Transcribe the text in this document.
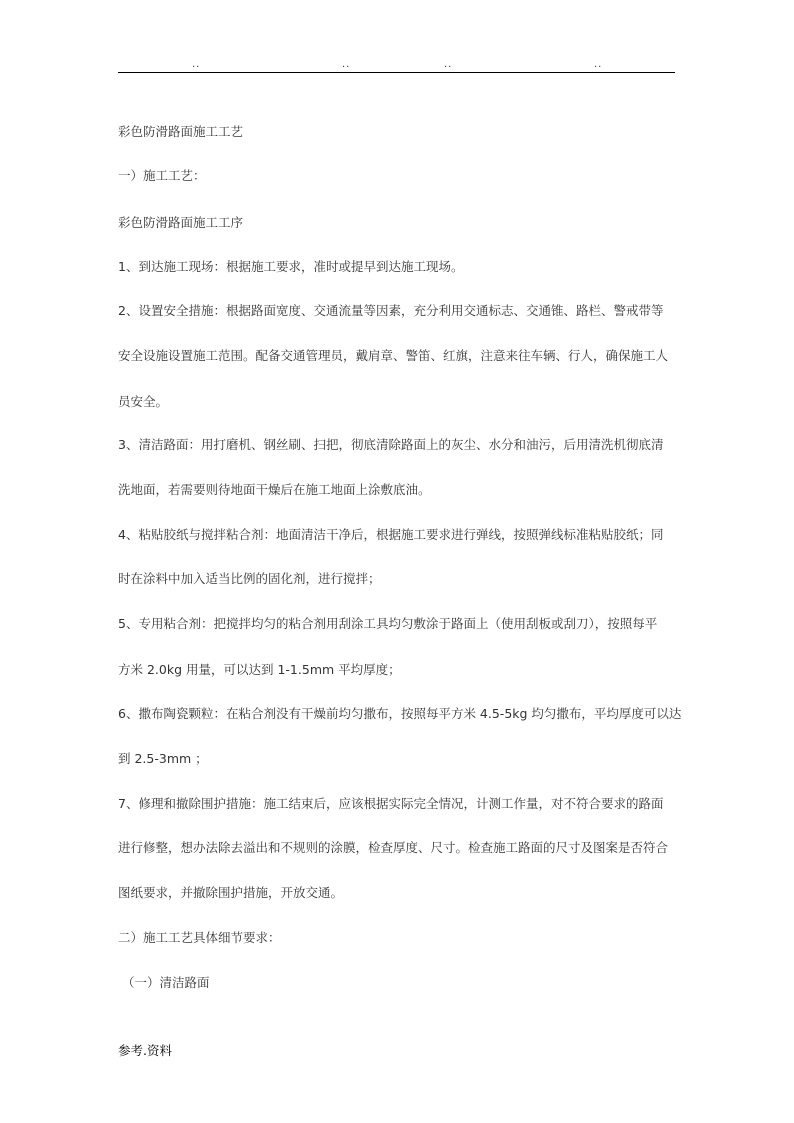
..	..	..	..
彩色防滑路面施工工艺
一）施工工艺：
彩色防滑路面施工工序
1、到达施工现场：根据施工要求，准时或提早到达施工现场。
2、设置安全措施：根据路面宽度、交通流量等因素，充分利用交通标志、交通锥、路栏、警戒带等
安全设施设置施工范围。配备交通管理员，戴肩章、警笛、红旗，注意来往车辆、行人，确保施工人
员安全。
3、清洁路面：用打磨机、钢丝刷、扫把，彻底清除路面上的灰尘、水分和油污，后用清洗机彻底清
洗地面，若需要则待地面干燥后在施工地面上涂敷底油。
4、粘贴胶纸与搅拌粘合剂：地面清洁干净后，根据施工要求进行弹线，按照弹线标准粘贴胶纸；同
时在涂料中加入适当比例的固化剂，进行搅拌；
5、专用粘合剂：把搅拌均匀的粘合剂用刮涂工具均匀敷涂于路面上（使用刮板或刮刀），按照每平
方米 2.0kg 用量，可以达到 1-1.5mm 平均厚度；
6、撒布陶瓷颗粒：在粘合剂没有干燥前均匀撒布，按照每平方米 4.5-5kg 均匀撒布，平均厚度可以达
到 2.5-3mm ；
7、修理和撤除围护措施：施工结束后，应该根据实际完全情况，计测工作量，对不符合要求的路面
进行修整，想办法除去溢出和不规则的涂膜，检查厚度、尺寸。检查施工路面的尺寸及图案是否符合
图纸要求，并撤除围护措施，开放交通。
二）施工工艺具体细节要求：
（一）清洁路面
参考.资料
